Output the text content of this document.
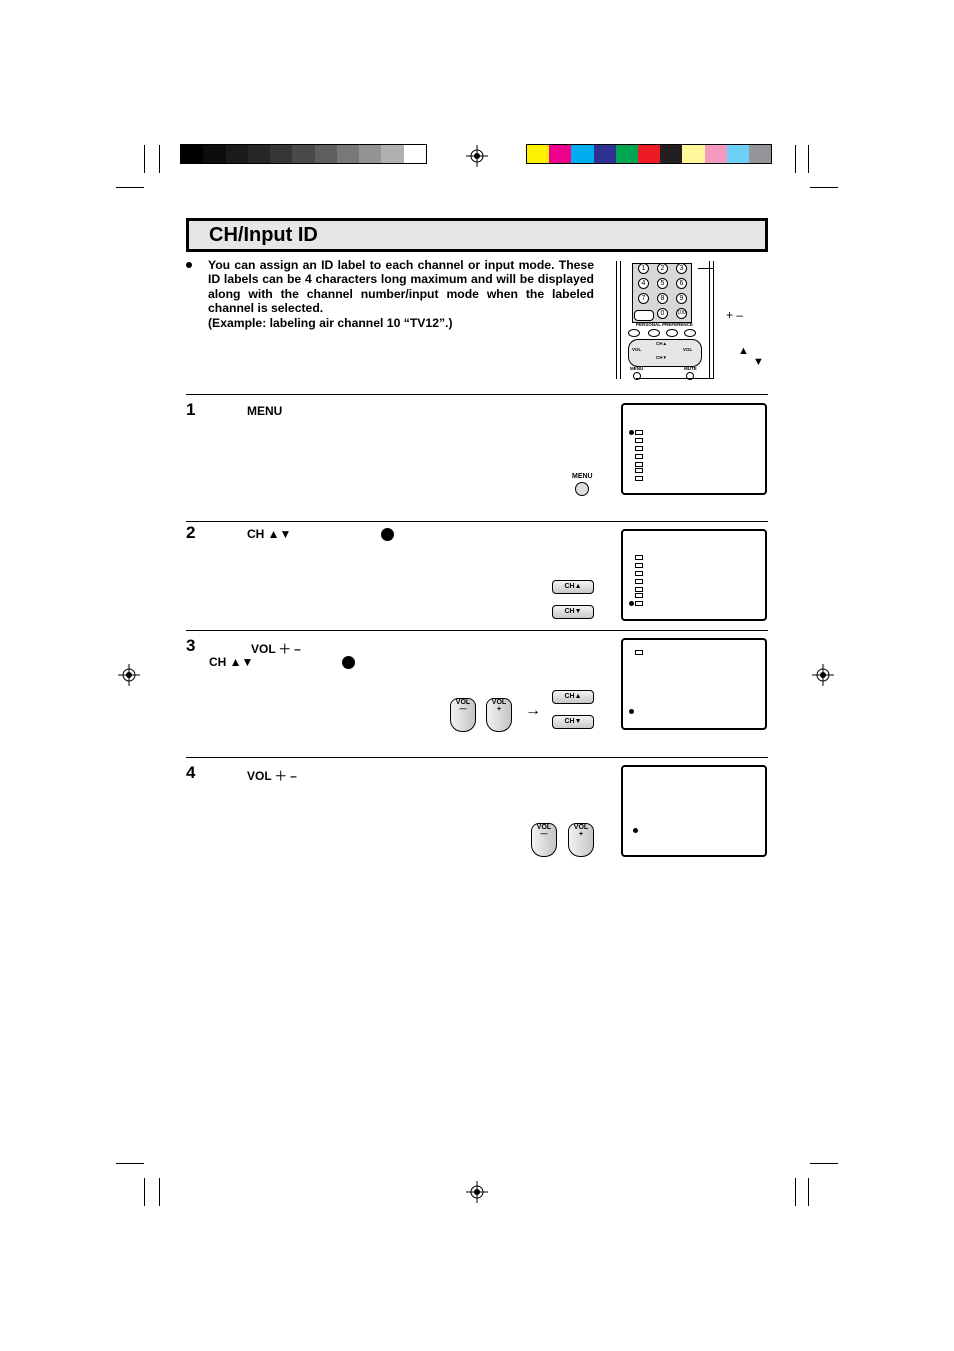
CH/Input ID
You can assign an ID label to each channel or input mode. These ID labels can be 4 characters long maximum and will be displayed along with the channel number/input mode when the labeled channel is selected.
(Example: labeling air channel 10 “TV12”.)
1	2	3
4	5	6
7	8	9
0	100
PERSONAL PREFERENCE
CH▲
CH▼
VOL	VOL
MENU	MUTE
+ –
▲
▼
1	MENU
MENU
2	CH ▲▼
CH▲
CH▼
3	VOL ＋ –
CH ▲▼
VOL
—
VOL
+	→
CH▲
CH▼
4	VOL ＋ –
VOL
—
VOL
+
